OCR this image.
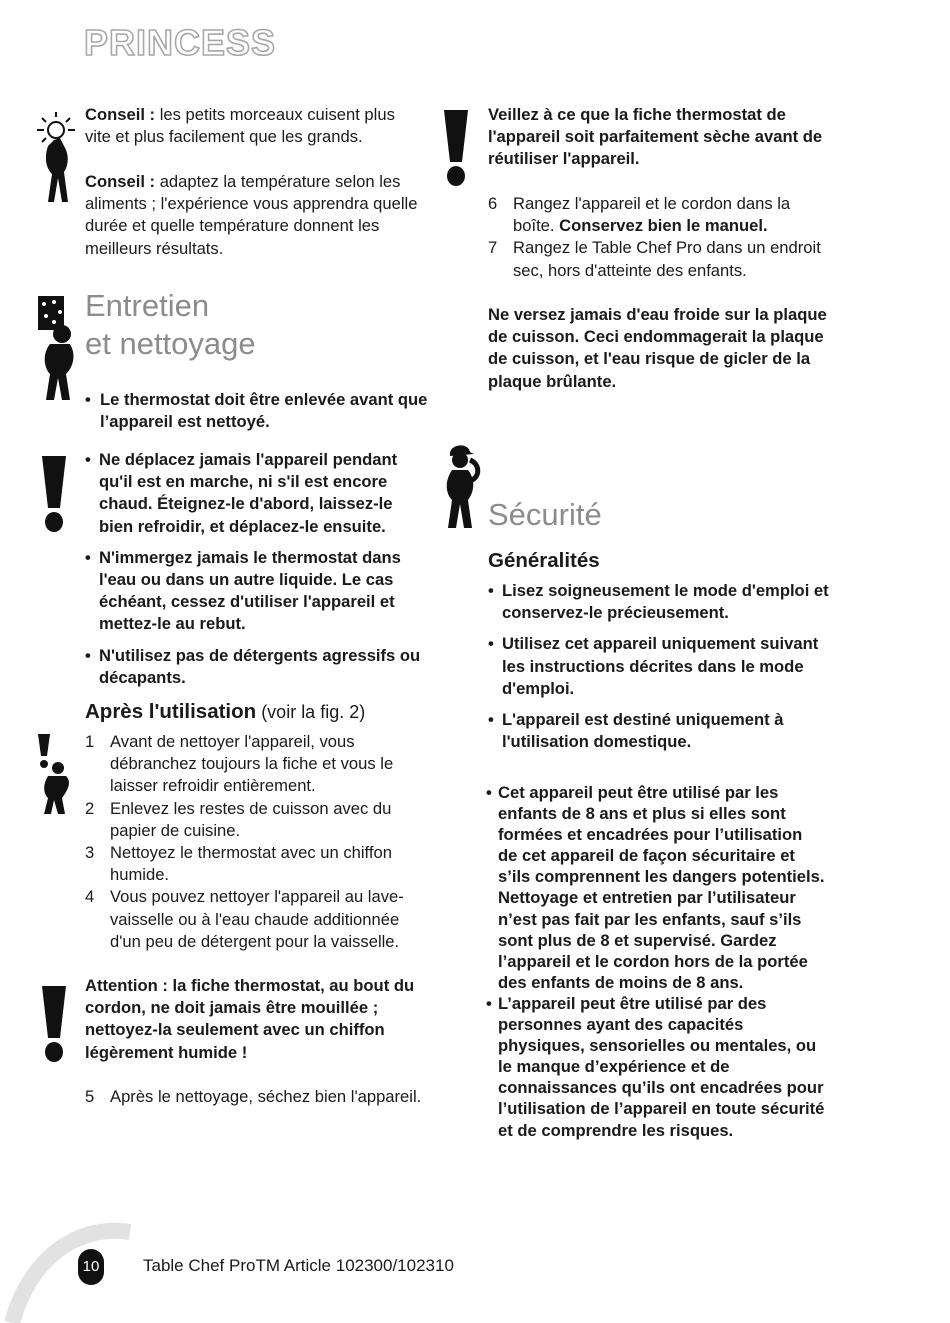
PRINCESS

Conseil : les petits morceaux cuisent plus vite et plus facilement que les grands.

Conseil : adaptez la température selon les aliments ; l'expérience vous apprendra quelle durée et quelle température donnent les meilleurs résultats.

Entretien

et nettoyage

• Le thermostat doit être enlevée avant que l’appareil est nettoyé.
• Ne déplacez jamais l'appareil pendant qu'il est en marche, ni s'il est encore chaud. Éteignez-le d'abord, laissez-le bien refroidir, et déplacez-le ensuite.
• N'immergez jamais le thermostat dans l'eau ou dans un autre liquide. Le cas échéant, cessez d'utiliser l'appareil et mettez-le au rebut.
• N'utilisez pas de détergents agressifs ou décapants.

Après l'utilisation (voir la fig. 2)

1 Avant de nettoyer l'appareil, vous débranchez toujours la fiche et vous le laisser refroidir entièrement.
2 Enlevez les restes de cuisson avec du papier de cuisine.
3 Nettoyez le thermostat avec un chiffon humide.
4 Vous pouvez nettoyer l'appareil au lave-vaisselle ou à l'eau chaude additionnée d'un peu de détergent pour la vaisselle.

Attention : la fiche thermostat, au bout du cordon, ne doit jamais être mouillée ; nettoyez-la seulement avec un chiffon légèrement humide !

5 Après le nettoyage, séchez bien l'appareil.

Veillez à ce que la fiche thermostat de l'appareil soit parfaitement sèche avant de réutiliser l'appareil.

6 Rangez l'appareil et le cordon dans la boîte. Conservez bien le manuel.
7 Rangez le Table Chef Pro dans un endroit sec, hors d'atteinte des enfants.

Ne versez jamais d'eau froide sur la plaque de cuisson. Ceci endommagerait la plaque de cuisson, et l'eau risque de gicler de la plaque brûlante.

Sécurité

Généralités

• Lisez soigneusement le mode d'emploi et conservez-le précieusement.
• Utilisez cet appareil uniquement suivant les instructions décrites dans le mode d'emploi.
• L'appareil est destiné uniquement à l'utilisation domestique.
• Cet appareil peut être utilisé par les enfants de 8 ans et plus si elles sont formées et encadrées pour l’utilisation de cet appareil de façon sécuritaire et s’ils comprennent les dangers potentiels. Nettoyage et entretien par l’utilisateur n’est pas fait par les enfants, sauf s’ils sont plus de 8 et supervisé. Gardez l’appareil et le cordon hors de la portée des enfants de moins de 8 ans.
• L’appareil peut être utilisé par des personnes ayant des capacités physiques, sensorielles ou mentales, ou le manque d’expérience et de connaissances qu’ils ont encadrées pour l’utilisation de l’appareil en toute sécurité et de comprendre les risques.
10	Table Chef ProTM Article 102300/102310
